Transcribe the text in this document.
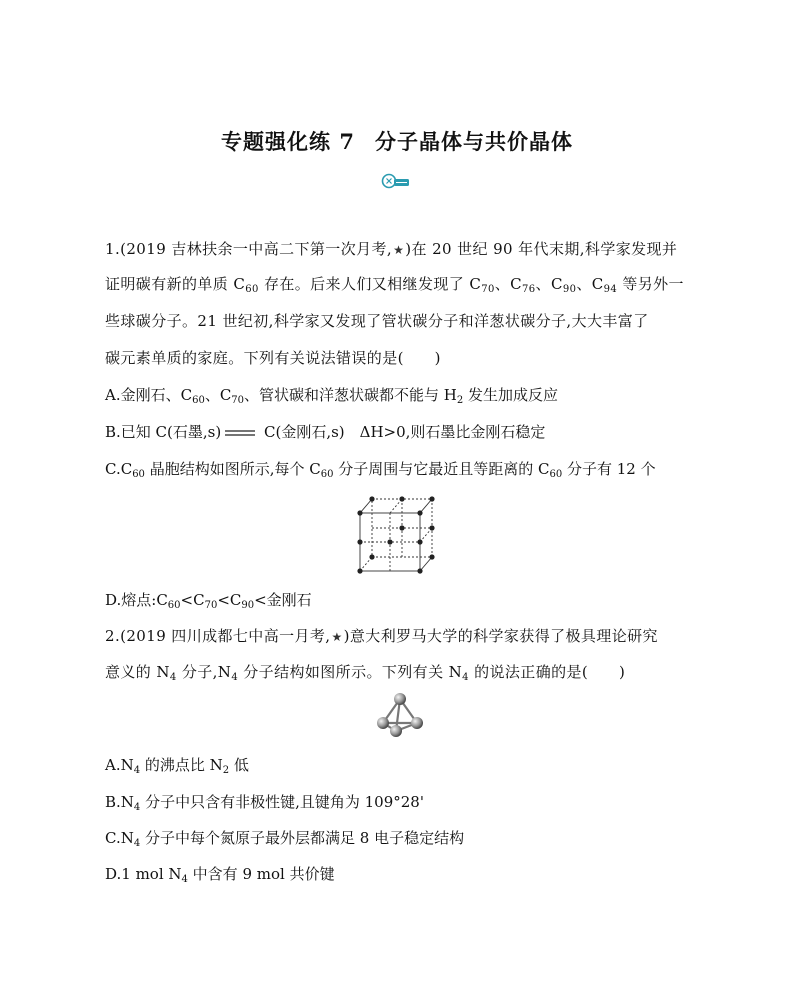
专题强化练 7 分子晶体与共价晶体
1.(2019 吉林扶余一中高二下第一次月考,★)在 20 世纪 90 年代末期,科学家发现并
证明碳有新的单质 $C_{60}$ 存在。后来人们又相继发现了 $C_{70}$、$C_{76}$、$C_{90}$、$C_{94}$ 等另外一
些球碳分子。21 世纪初,科学家又发现了管状碳分子和洋葱状碳分子,大大丰富了
碳元素单质的家庭。下列有关说法错误的是(　　)
A.金刚石、$C_{60}$、$C_{70}$、管状碳和洋葱状碳都不能与 $H_2$ 发生加成反应
B.已知 C(石墨,s)	C(金刚石,s)　ΔH>0,则石墨比金刚石稳定
$C.C_{60}$ 晶胞结构如图所示,每个 $C_{60}$ 分子周围与它最近且等距离的 $C_{60}$ 分子有 12 个
D.熔点$:C_{60}<C_{70}<C_{90}<$金刚石
2.(2019 四川成都七中高一月考,★)意大利罗马大学的科学家获得了极具理论研究
意义的 $N_4$ 分子$,N_4$ 分子结构如图所示。下列有关 $N_4$ 的说法正确的是(　　)
$A.N_4$ 的沸点比 $N_2$ 低
$B.N_4$ 分子中只含有非极性键,且键角为 109°28'
$C.N_4$ 分子中每个氮原子最外层都满足 8 电子稳定结构
D.1 mol $N_4$ 中含有 9 mol 共价键
